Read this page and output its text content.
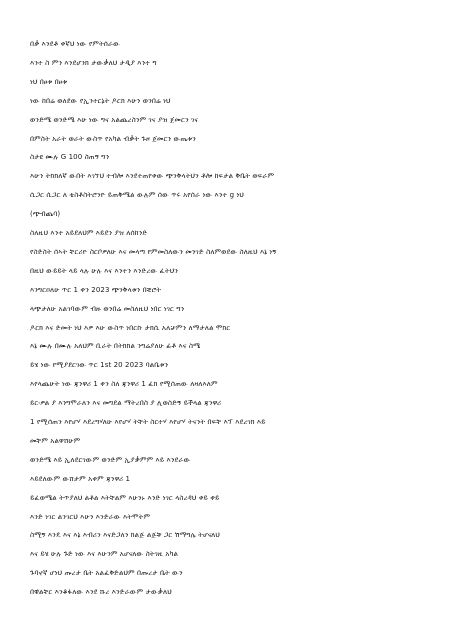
በቃ እንደቶ ቀኛህ ነው የምትሰራው
እንተ ስ ምን እንደሆንክ ታውቃለህ ታዲያ እንተ ግ
ነህ በፀቱ በፀቱ
ነው ከበሬ ወለደው የኢንተርኔት ዶርክ እሁን ወንበሬ ነህ
ወንድሜ ወንድሜ እሁ ነው ግና አልጨረስንም ገና ያዝ ጀመርን ገና
በምስት አራት ወራት ውስጥ የአካል ብቃት ጉዞ ጀመርን ውጤቱን
ስታዩ ሙሉ G 100 ስጠኝ ግን
እሁን ትክክለኛ ውበት እገኘህ ተብሎ እንደተጠየቀው ጭንቅላትህን ቶሎ ከፍታል ቅቤት ወፍራም
ሲጋር ሲጋር ለ ቴስቶስትሮንዮ ይጠቅሜል ውሉም ሰው ጥሩ አየሰራ ነው እንተ g ነህ
(ጭብጨባ)
ስለዚህ እንተ አይደለህም እይደን ያዝ ለሰከንድ
የስድስት ሰኣት ቸርሪዮ ስርቦዎለሁ እና መላጣ የምመስለውን መንገድ ስለምወደው ስለዚህ እኔ ነኝ
በዚህ ውይይት ላይ ላሉ ሁሉ እና እንተን እንድረው ፈትህን
እንግርዐለሁ ጥር 1 ቀን 2023 ጭንቅላቱን በቺሮት
ላጭታለሁ አልገባውም ብዙ ወንበሬ መስለዚህ ነበር ነገር ግን
ዶርክ እና ድመት ነህ እዎ እሁ ውስጥ ነበርኩ ታክሲ አለቻምን ለማታለል ሞክር
እኔ ሙሉ በሙሉ አለህም ቢራት በትክክል ንግሬያለሁ ፊቶ እና ስሜ
ይሄ ነው የሚያደርገው ጥር 1st 20 2023 ባልቤቱን
እየላጨሁት ነው ጃንዋሪ 1 ቀን ስለ ጃንዋሪ 1 ፈክ የሚሰጠው ለዛለእለም
ይር፡ዎል ያ እንግሞራለን እና መግደል ማትረበስ ያ ሊወስድኝ ይችላል ጃንዋሪ
1 የሚሰጠን እየሆሃ እደረግሃለሁ እየሆሃ ትቸት ስርተሃ እየሆሃ ትናንት በፍቸ እፕ እደረገክ እይ
መቸም አልዋሸሁም
ወንድሜ እይ ኢለደርገውም ወንድም ኢያቃምም እይ እንደራው
እይደለውም ውሸታም አቀም ጃንዋሪ 1
ይፈወሜል ትጥያለህ ልቶል እትቸልም እሁንኑ እንድ ነገር ላስረዳህ ቀይ ቀይ
እንድ ነገር ልንገርህ እሁን እንድራው እትሞትም
ስሚኝ እንዴ እና እኔ እብሪን እናድጋለን ክልጅ ልጅቹ ጋር ሽማግሌ ትሆናለህ
እና ይሄ ሁሉ ጉድ ነው እና እሁንም አሆናለው ስትገዚ አካል
ጉባኖኛ ሆነህ ጡረታ ቤት አልፈቅድልህም በጡረታ ቤት ውን
በዊልቸር እንቆፋለው እንደ ሹረ እንድራውም ታውቃለህ
